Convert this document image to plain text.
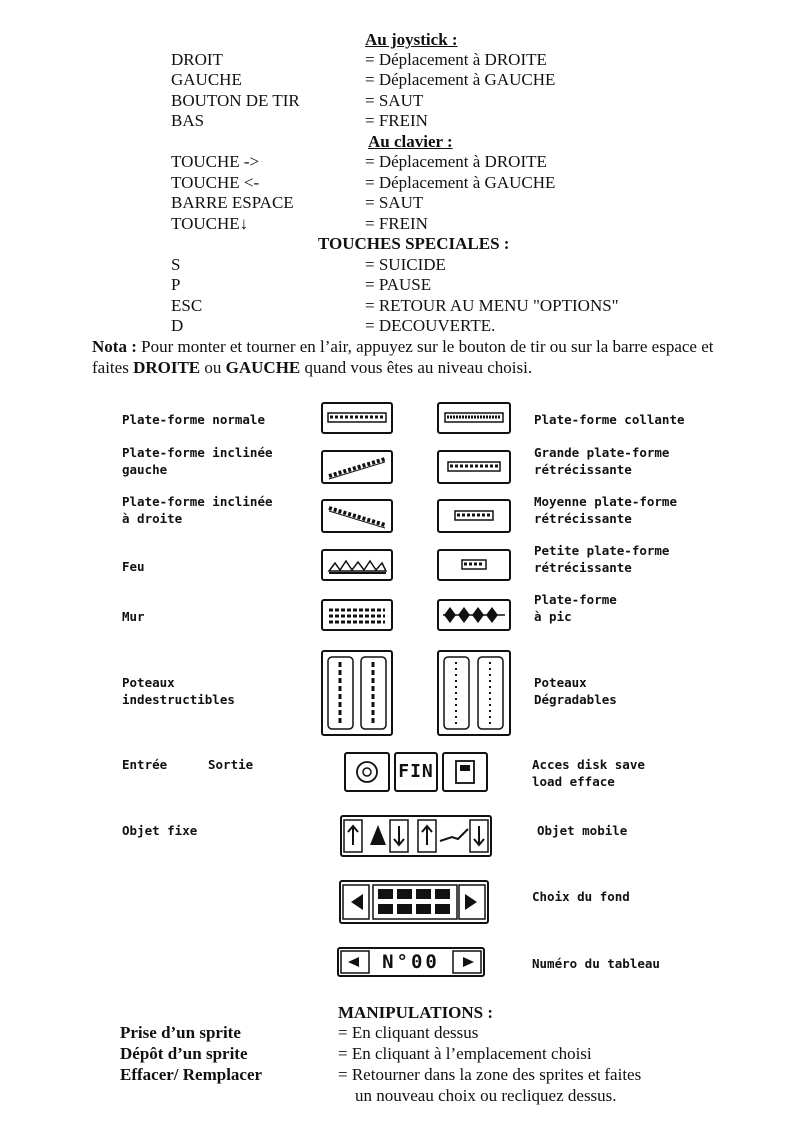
Au joystick :
DROIT	= Déplacement à DROITE
GAUCHE	= Déplacement à GAUCHE
BOUTON DE TIR	= SAUT
BAS	= FREIN
Au clavier :
TOUCHE ->	= Déplacement à DROITE
TOUCHE <-	= Déplacement à GAUCHE
BARRE ESPACE	= SAUT
TOUCHE↓	= FREIN
TOUCHES SPECIALES :
S	= SUICIDE
P	= PAUSE
ESC	= RETOUR AU MENU "OPTIONS"
D	= DECOUVERTE.
Nota : Pour monter et tourner en l’air, appuyez sur le bouton de tir ou sur la barre espace et faites DROITE ou GAUCHE quand vous êtes au niveau choisi.
Plate-forme normale
Plate-forme inclinée
gauche
Plate-forme inclinée
à droite
Feu
Mur
Poteaux
indestructibles
Entrée	Sortie
Objet fixe
Plate-forme collante
Grande plate-forme
rétrécissante
Moyenne plate-forme
rétrécissante
Petite plate-forme
rétrécissante
Plate-forme
à pic
Poteaux
Dégradables
Acces disk save
load efface
Objet mobile
Choix du fond
Numéro du tableau
FIN
N°00
MANIPULATIONS :
Prise d’un sprite	= En cliquant dessus
Dépôt d’un sprite	= En cliquant à l’emplacement choisi
Effacer/ Remplacer	= Retourner dans la zone des sprites et faites
un nouveau choix ou recliquez dessus.
